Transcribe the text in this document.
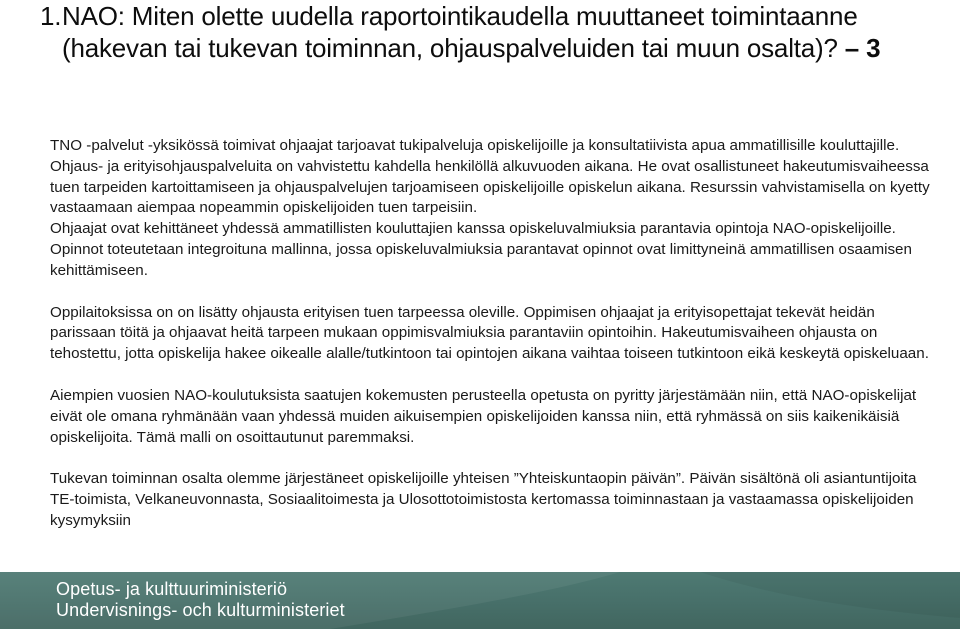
1. NAO: Miten olette uudella raportointikaudella muuttaneet toimintaanne (hakevan tai tukevan toiminnan, ohjauspalveluiden tai muun osalta)? – 3

TNO -palvelut -yksikössä toimivat ohjaajat tarjoavat tukipalveluja opiskelijoille ja konsultatiivista apua ammatillisille kouluttajille. Ohjaus- ja erityisohjauspalveluita on vahvistettu kahdella henkilöllä alkuvuoden aikana. He ovat osallistuneet hakeutumisvaiheessa tuen tarpeiden kartoittamiseen ja ohjauspalvelujen tarjoamiseen opiskelijoille opiskelun aikana. Resurssin vahvistamisella on kyetty vastaamaan aiempaa nopeammin opiskelijoiden tuen tarpeisiin.

Ohjaajat ovat kehittäneet yhdessä ammatillisten kouluttajien kanssa opiskeluvalmiuksia parantavia opintoja NAO-opiskelijoille. Opinnot toteutetaan integroituna mallinna, jossa opiskeluvalmiuksia parantavat opinnot ovat limittyneinä ammatillisen osaamisen kehittämiseen.

Oppilaitoksissa on on lisätty ohjausta erityisen tuen tarpeessa oleville. Oppimisen ohjaajat ja erityisopettajat tekevät heidän parissaan töitä ja ohjaavat heitä tarpeen mukaan oppimisvalmiuksia parantaviin opintoihin. Hakeutumisvaiheen ohjausta on tehostettu, jotta opiskelija hakee oikealle alalle/tutkintoon tai opintojen aikana vaihtaa toiseen tutkintoon eikä keskeytä opiskeluaan.

Aiempien vuosien NAO-koulutuksista saatujen kokemusten perusteella opetusta on pyritty järjestämään niin, että NAO-opiskelijat eivät ole omana ryhmänään vaan yhdessä muiden aikuisempien opiskelijoiden kanssa niin, että ryhmässä on siis kaikenikäisiä opiskelijoita. Tämä malli on osoittautunut paremmaksi.

Tukevan toiminnan osalta olemme järjestäneet opiskelijoille yhteisen ”Yhteiskuntaopin päivän”. Päivän sisältönä oli asiantuntijoita TE-toimista, Velkaneuvonnasta, Sosiaalitoimesta ja Ulosottotoimistosta kertomassa toiminnastaan ja vastaamassa opiskelijoiden kysymyksiin

Opetus- ja kulttuuriministeriö
Undervisnings- och kulturministeriet
